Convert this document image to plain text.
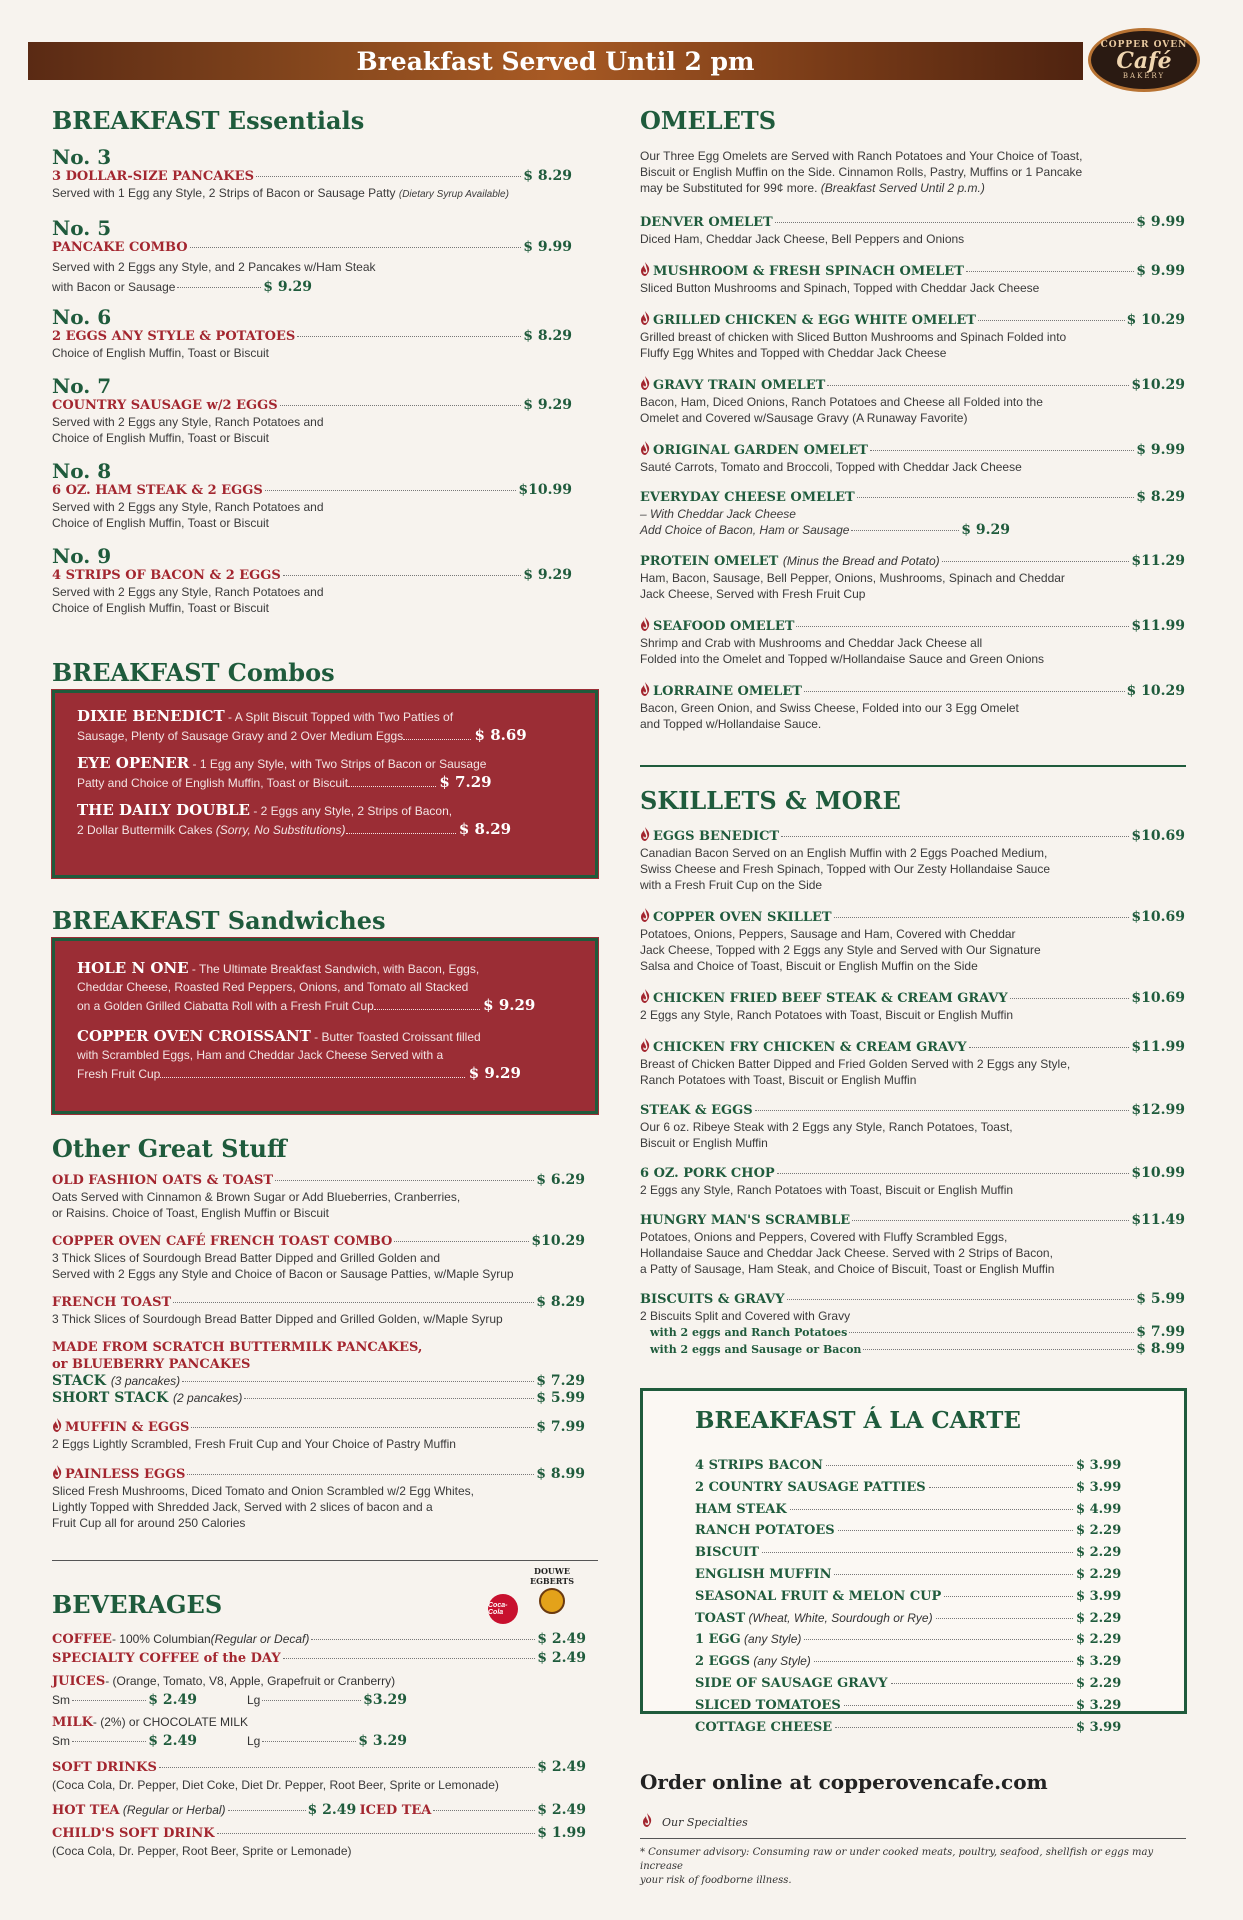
Breakfast Served Until 2 pm
COPPER OVEN
Café
BAKERY
BREAKFAST Essentials
No. 3
3 DOLLAR-SIZE PANCAKES	$ 8.29
Served with 1 Egg any Style, 2 Strips of Bacon or Sausage Patty (Dietary Syrup Available)
No. 5
PANCAKE COMBO	$ 9.99
Served with 2 Eggs any Style, and 2 Pancakes w/Ham Steak
with Bacon or Sausage	$ 9.29
No. 6
2 EGGS ANY STYLE & POTATOES	$ 8.29
Choice of English Muffin, Toast or Biscuit
No. 7
COUNTRY SAUSAGE w/2 EGGS	$ 9.29
Served with 2 Eggs any Style, Ranch Potatoes and
Choice of English Muffin, Toast or Biscuit
No. 8
6 OZ. HAM STEAK & 2 EGGS	$10.99
Served with 2 Eggs any Style, Ranch Potatoes and
Choice of English Muffin, Toast or Biscuit
No. 9
4 STRIPS OF BACON & 2 EGGS	$ 9.29
Served with 2 Eggs any Style, Ranch Potatoes and
Choice of English Muffin, Toast or Biscuit
BREAKFAST Combos
DIXIE BENEDICT - A Split Biscuit Topped with Two Patties of
Sausage, Plenty of Sausage Gravy and 2 Over Medium Eggs	$ 8.69
EYE OPENER - 1 Egg any Style, with Two Strips of Bacon or Sausage
Patty and Choice of English Muffin, Toast or Biscuit	$ 7.29
THE DAILY DOUBLE - 2 Eggs any Style, 2 Strips of Bacon,
2 Dollar Buttermilk Cakes (Sorry, No Substitutions)	$ 8.29
BREAKFAST Sandwiches
HOLE N ONE - The Ultimate Breakfast Sandwich, with Bacon, Eggs,
Cheddar Cheese, Roasted Red Peppers, Onions, and Tomato all Stacked
on a Golden Grilled Ciabatta Roll with a Fresh Fruit Cup	$ 9.29
COPPER OVEN CROISSANT - Butter Toasted Croissant filled
with Scrambled Eggs, Ham and Cheddar Jack Cheese Served with a
Fresh Fruit Cup	$ 9.29
Other Great Stuff
OLD FASHION OATS & TOAST	$ 6.29
Oats Served with Cinnamon & Brown Sugar or Add Blueberries, Cranberries,
or Raisins. Choice of Toast, English Muffin or Biscuit
COPPER OVEN CAFÉ FRENCH TOAST COMBO	$10.29
3 Thick Slices of Sourdough Bread Batter Dipped and Grilled Golden and
Served with 2 Eggs any Style and Choice of Bacon or Sausage Patties, w/Maple Syrup
FRENCH TOAST	$ 8.29
3 Thick Slices of Sourdough Bread Batter Dipped and Grilled Golden, w/Maple Syrup
MADE FROM SCRATCH BUTTERMILK PANCAKES,
or BLUEBERRY PANCAKES
STACK
(3 pancakes)	$ 7.29
SHORT STACK
(2 pancakes)	$ 5.99
MUFFIN & EGGS	$ 7.99
2 Eggs Lightly Scrambled, Fresh Fruit Cup and Your Choice of Pastry Muffin
PAINLESS EGGS	$ 8.99
Sliced Fresh Mushrooms, Diced Tomato and Onion Scrambled w/2 Egg Whites,
Lightly Topped with Shredded Jack, Served with 2 slices of bacon and a
Fruit Cup all for around 250 Calories
BEVERAGES	Coca-Cola
DOUWE EGBERTS
COFFEE - 100% Columbian (Regular or Decaf)	$ 2.49
SPECIALTY COFFEE of the DAY	$ 2.49
JUICES - (Orange, Tomato, V8, Apple, Grapefruit or Cranberry)
Sm	$ 2.49	Lg	$3.29
MILK - (2%) or CHOCOLATE MILK
Sm	$ 2.49	Lg	$ 3.29
SOFT DRINKS	$ 2.49
(Coca Cola, Dr. Pepper, Diet Coke, Diet Dr. Pepper, Root Beer, Sprite or Lemonade)
HOT TEA
(Regular or Herbal)	$ 2.49
ICED TEA	$ 2.49
CHILD'S SOFT DRINK	$ 1.99
(Coca Cola, Dr. Pepper, Root Beer, Sprite or Lemonade)
OMELETS
Our Three Egg Omelets are Served with Ranch Potatoes and Your Choice of Toast,
Biscuit or English Muffin on the Side. Cinnamon Rolls, Pastry, Muffins or 1 Pancake
may be Substituted for 99¢ more. (Breakfast Served Until 2 p.m.)
DENVER OMELET	$ 9.99
Diced Ham, Cheddar Jack Cheese, Bell Peppers and Onions
MUSHROOM & FRESH SPINACH OMELET	$ 9.99
Sliced Button Mushrooms and Spinach, Topped with Cheddar Jack Cheese
GRILLED CHICKEN & EGG WHITE OMELET	$ 10.29
Grilled breast of chicken with Sliced Button Mushrooms and Spinach Folded into
Fluffy Egg Whites and Topped with Cheddar Jack Cheese
GRAVY TRAIN OMELET	$10.29
Bacon, Ham, Diced Onions, Ranch Potatoes and Cheese all Folded into the
Omelet and Covered w/Sausage Gravy (A Runaway Favorite)
ORIGINAL GARDEN OMELET	$ 9.99
Sauté Carrots, Tomato and Broccoli, Topped with Cheddar Jack Cheese
EVERYDAY CHEESE OMELET	$ 8.29
– With Cheddar Jack Cheese
Add Choice of Bacon, Ham or Sausage	$ 9.29
PROTEIN OMELET
(Minus the Bread and Potato)	$11.29
Ham, Bacon, Sausage, Bell Pepper, Onions, Mushrooms, Spinach and Cheddar
Jack Cheese, Served with Fresh Fruit Cup
SEAFOOD OMELET	$11.99
Shrimp and Crab with Mushrooms and Cheddar Jack Cheese all
Folded into the Omelet and Topped w/Hollandaise Sauce and Green Onions
LORRAINE OMELET	$ 10.29
Bacon, Green Onion, and Swiss Cheese, Folded into our 3 Egg Omelet
and Topped w/Hollandaise Sauce.
SKILLETS & MORE
EGGS BENEDICT	$10.69
Canadian Bacon Served on an English Muffin with 2 Eggs Poached Medium,
Swiss Cheese and Fresh Spinach, Topped with Our Zesty Hollandaise Sauce
with a Fresh Fruit Cup on the Side
COPPER OVEN SKILLET	$10.69
Potatoes, Onions, Peppers, Sausage and Ham, Covered with Cheddar
Jack Cheese, Topped with 2 Eggs any Style and Served with Our Signature
Salsa and Choice of Toast, Biscuit or English Muffin on the Side
CHICKEN FRIED BEEF STEAK & CREAM GRAVY	$10.69
2 Eggs any Style, Ranch Potatoes with Toast, Biscuit or English Muffin
CHICKEN FRY CHICKEN & CREAM GRAVY	$11.99
Breast of Chicken Batter Dipped and Fried Golden Served with 2 Eggs any Style,
Ranch Potatoes with Toast, Biscuit or English Muffin
STEAK & EGGS	$12.99
Our 6 oz. Ribeye Steak with 2 Eggs any Style, Ranch Potatoes, Toast,
Biscuit or English Muffin
6 OZ. PORK CHOP	$10.99
2 Eggs any Style, Ranch Potatoes with Toast, Biscuit or English Muffin
HUNGRY MAN'S SCRAMBLE	$11.49
Potatoes, Onions and Peppers, Covered with Fluffy Scrambled Eggs,
Hollandaise Sauce and Cheddar Jack Cheese. Served with 2 Strips of Bacon,
a Patty of Sausage, Ham Steak, and Choice of Biscuit, Toast or English Muffin
BISCUITS & GRAVY	$ 5.99
2 Biscuits Split and Covered with Gravy
with 2 eggs and Ranch Potatoes	$ 7.99
with 2 eggs and Sausage or Bacon	$ 8.99
BREAKFAST Á LA CARTE
4 STRIPS BACON	$ 3.99
2 COUNTRY SAUSAGE PATTIES	$ 3.99
HAM STEAK	$ 4.99
RANCH POTATOES	$ 2.29
BISCUIT	$ 2.29
ENGLISH MUFFIN	$ 2.29
SEASONAL FRUIT & MELON CUP	$ 3.99
TOAST
(Wheat, White, Sourdough or Rye)	$ 2.29
1 EGG
(any Style)	$ 2.29
2 EGGS
(any Style)	$ 3.29
SIDE OF SAUSAGE GRAVY	$ 2.29
SLICED TOMATOES	$ 3.29
COTTAGE CHEESE	$ 3.99
Order online at copperovencafe.com
Our Specialties
* Consumer advisory: Consuming raw or under cooked meats, poultry, seafood, shellfish or eggs may increase
your risk of foodborne illness.
